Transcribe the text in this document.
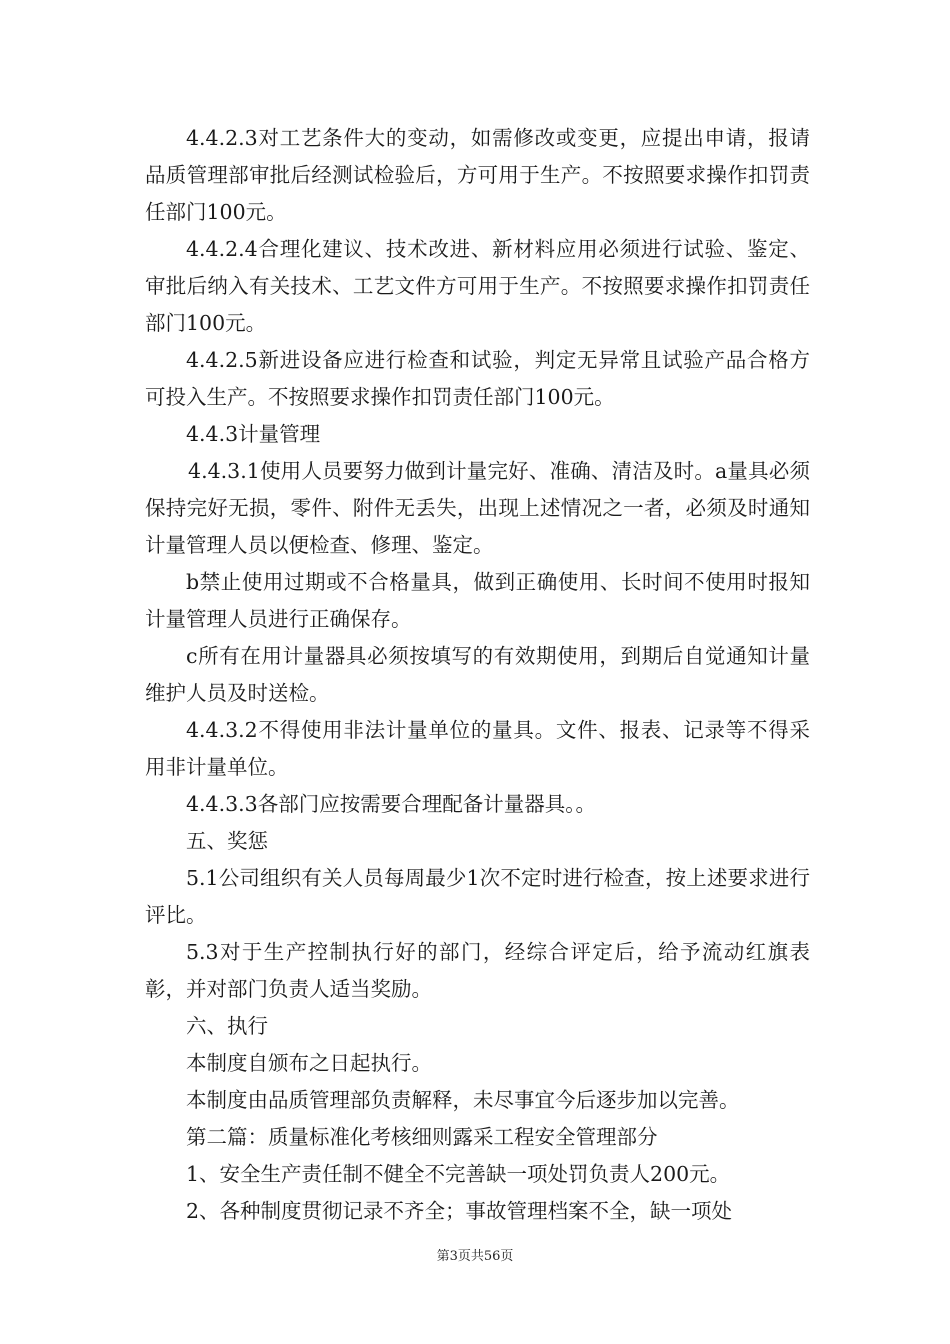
4.4.2.3对工艺条件大的变动，如需修改或变更，应提出申请，报请品质管理部审批后经测试检验后，方可用于生产。不按照要求操作扣罚责任部门100元。

4.4.2.4合理化建议、技术改进、新材料应用必须进行试验、鉴定、审批后纳入有关技术、工艺文件方可用于生产。不按照要求操作扣罚责任部门100元。

4.4.2.5新进设备应进行检查和试验，判定无异常且试验产品合格方可投入生产。不按照要求操作扣罚责任部门100元。

4.4.3计量管理

4.4.3.1使用人员要努力做到计量完好、准确、清洁及时。a量具必须保持完好无损，零件、附件无丢失，出现上述情况之一者，必须及时通知计量管理人员以便检查、修理、鉴定。

b禁止使用过期或不合格量具，做到正确使用、长时间不使用时报知计量管理人员进行正确保存。

c所有在用计量器具必须按填写的有效期使用，到期后自觉通知计量维护人员及时送检。

4.4.3.2不得使用非法计量单位的量具。文件、报表、记录等不得采用非计量单位。

4.4.3.3各部门应按需要合理配备计量器具。。

五、奖惩

5.1公司组织有关人员每周最少1次不定时进行检查，按上述要求进行评比。

5.3对于生产控制执行好的部门，经综合评定后，给予流动红旗表彰，并对部门负责人适当奖励。

六、执行

本制度自颁布之日起执行。

本制度由品质管理部负责解释，未尽事宜今后逐步加以完善。

第二篇：质量标准化考核细则露采工程安全管理部分

1、安全生产责任制不健全不完善缺一项处罚负责人200元。

2、各种制度贯彻记录不齐全；事故管理档案不全，缺一项处

第3页共56页
